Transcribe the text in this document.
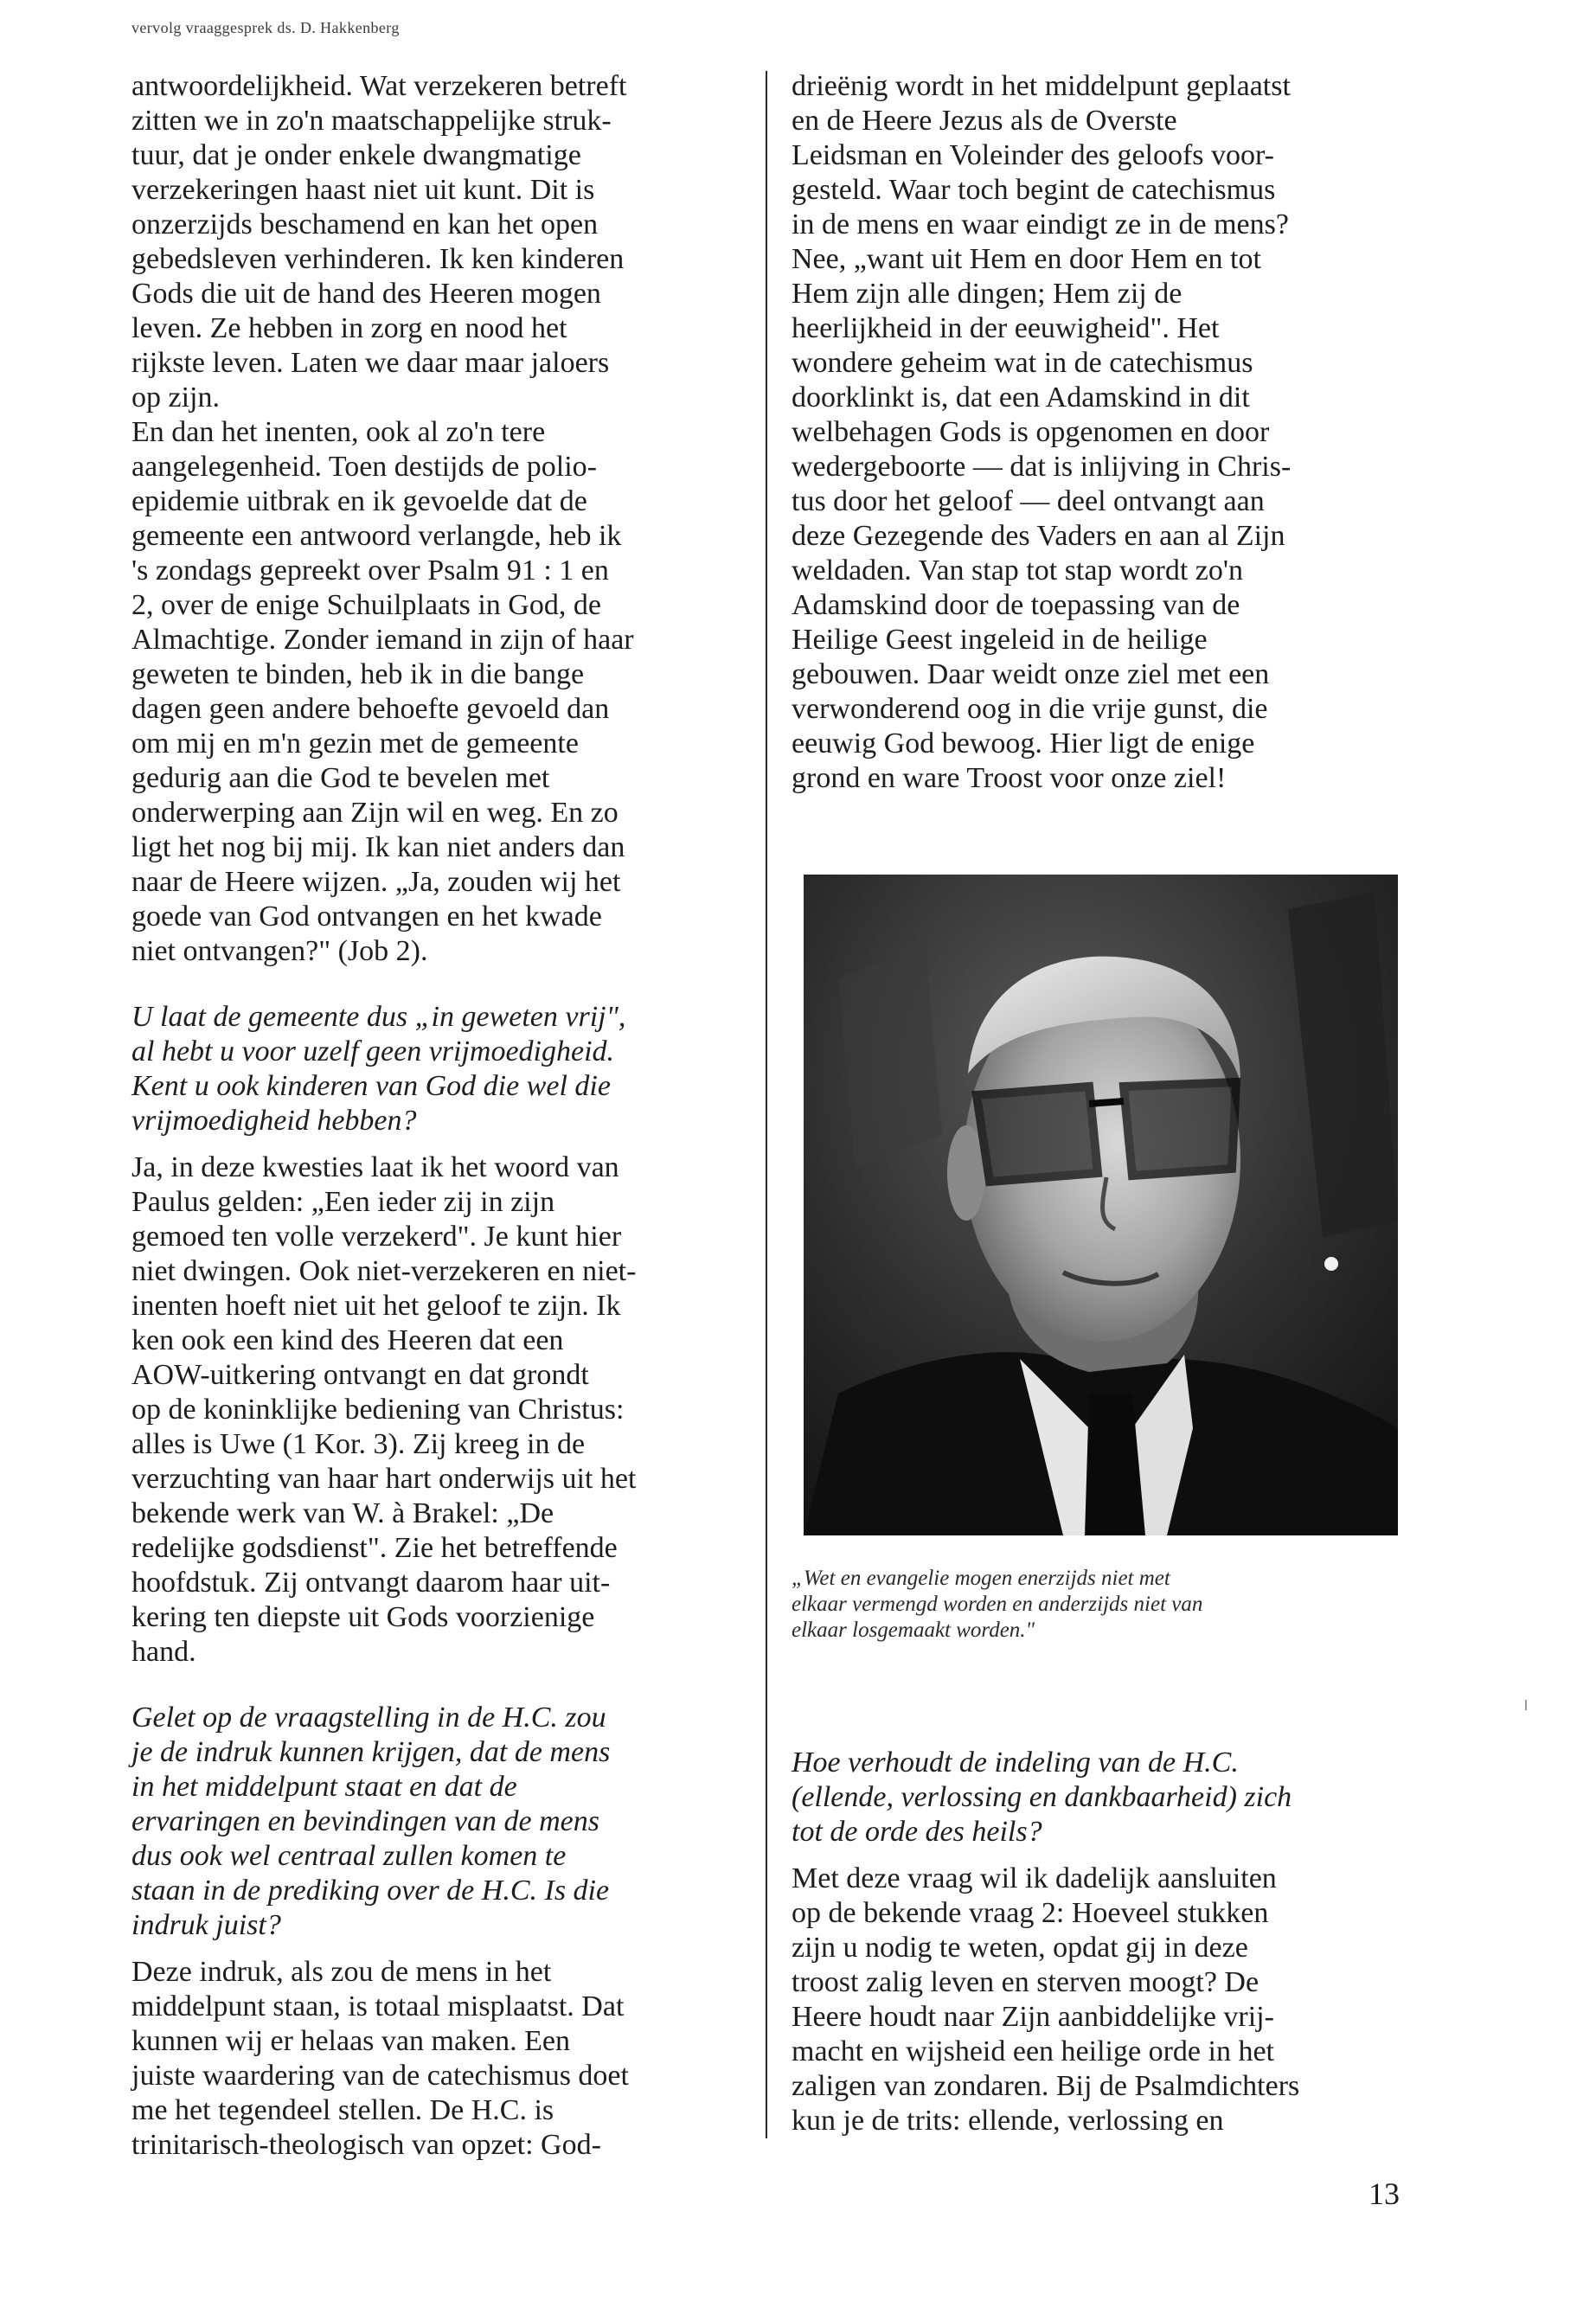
vervolg vraaggesprek ds. D. Hakkenberg

antwoordelijkheid. Wat verzekeren betreft
zitten we in zo'n maatschappelijke struk-
tuur, dat je onder enkele dwangmatige
verzekeringen haast niet uit kunt. Dit is
onzerzijds beschamend en kan het open
gebedsleven verhinderen. Ik ken kinderen
Gods die uit de hand des Heeren mogen
leven. Ze hebben in zorg en nood het
rijkste leven. Laten we daar maar jaloers
op zijn.

En dan het inenten, ook al zo'n tere
aangelegenheid. Toen destijds de polio-
epidemie uitbrak en ik gevoelde dat de
gemeente een antwoord verlangde, heb ik
's zondags gepreekt over Psalm 91 : 1 en
2, over de enige Schuilplaats in God, de
Almachtige. Zonder iemand in zijn of haar
geweten te binden, heb ik in die bange
dagen geen andere behoefte gevoeld dan
om mij en m'n gezin met de gemeente
gedurig aan die God te bevelen met
onderwerping aan Zijn wil en weg. En zo
ligt het nog bij mij. Ik kan niet anders dan
naar de Heere wijzen. „Ja, zouden wij het
goede van God ontvangen en het kwade
niet ontvangen?" (Job 2).

U laat de gemeente dus „in geweten vrij",
al hebt u voor uzelf geen vrijmoedigheid.
Kent u ook kinderen van God die wel die
vrijmoedigheid hebben?

Ja, in deze kwesties laat ik het woord van
Paulus gelden: „Een ieder zij in zijn
gemoed ten volle verzekerd". Je kunt hier
niet dwingen. Ook niet-verzekeren en niet-
inenten hoeft niet uit het geloof te zijn. Ik
ken ook een kind des Heeren dat een
AOW-uitkering ontvangt en dat grondt
op de koninklijke bediening van Christus:
alles is Uwe (1 Kor. 3). Zij kreeg in de
verzuchting van haar hart onderwijs uit het
bekende werk van W. à Brakel: „De
redelijke godsdienst". Zie het betreffende
hoofdstuk. Zij ontvangt daarom haar uit-
kering ten diepste uit Gods voorzienige
hand.

Gelet op de vraagstelling in de H.C. zou
je de indruk kunnen krijgen, dat de mens
in het middelpunt staat en dat de
ervaringen en bevindingen van de mens
dus ook wel centraal zullen komen te
staan in de prediking over de H.C. Is die
indruk juist?

Deze indruk, als zou de mens in het
middelpunt staan, is totaal misplaatst. Dat
kunnen wij er helaas van maken. Een
juiste waardering van de catechismus doet
me het tegendeel stellen. De H.C. is
trinitarisch-theologisch van opzet: God-

drieënig wordt in het middelpunt geplaatst
en de Heere Jezus als de Overste
Leidsman en Voleinder des geloofs voor-
gesteld. Waar toch begint de catechismus
in de mens en waar eindigt ze in de mens?
Nee, „want uit Hem en door Hem en tot
Hem zijn alle dingen; Hem zij de
heerlijkheid in der eeuwigheid". Het
wondere geheim wat in de catechismus
doorklinkt is, dat een Adamskind in dit
welbehagen Gods is opgenomen en door
wedergeboorte — dat is inlijving in Chris-
tus door het geloof — deel ontvangt aan
deze Gezegende des Vaders en aan al Zijn
weldaden. Van stap tot stap wordt zo'n
Adamskind door de toepassing van de
Heilige Geest ingeleid in de heilige
gebouwen. Daar weidt onze ziel met een
verwonderend oog in die vrije gunst, die
eeuwig God bewoog. Hier ligt de enige
grond en ware Troost voor onze ziel!

„Wet en evangelie mogen enerzijds niet met
elkaar vermengd worden en anderzijds niet van
elkaar losgemaakt worden."

Hoe verhoudt de indeling van de H.C.
(ellende, verlossing en dankbaarheid) zich
tot de orde des heils?

Met deze vraag wil ik dadelijk aansluiten
op de bekende vraag 2: Hoeveel stukken
zijn u nodig te weten, opdat gij in deze
troost zalig leven en sterven moogt? De
Heere houdt naar Zijn aanbiddelijke vrij-
macht en wijsheid een heilige orde in het
zaligen van zondaren. Bij de Psalmdichters
kun je de trits: ellende, verlossing en

13
